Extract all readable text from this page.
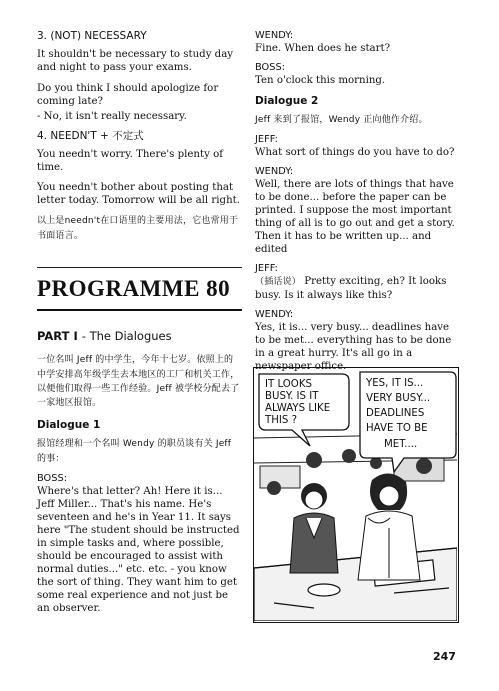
3. (NOT) NECESSARY

It shouldn't be necessary to study day and night to pass your exams.

Do you think I should apologize for coming late?

- No, it isn't really necessary.

4. NEEDN'T + 不定式

You needn't worry. There's plenty of time.

You needn't bother about posting that letter today. Tomorrow will be all right.

以上是needn't在口语里的主要用法，它也常用于书面语言。

PROGRAMME 80
PART I - The Dialogues

一位名叫 Jeff 的中学生，今年十七岁。依照上的中学安排高年级学生去本地区的工厂和机关工作，以便他们取得一些工作经验。Jeff 被学校分配去了一家地区报馆。

Dialogue 1

报馆经理和一个名叫 Wendy 的职员谈有关 Jeff 的事：

BOSS:

Where's that letter? Ah! Here it is... Jeff Miller... That's his name. He's seventeen and he's in Year 11. It says here "The student should be instructed in simple tasks and, where possible, should be encouraged to assist with normal duties..." etc. etc. - you know the sort of thing. They want him to get some real experience and not just be an observer.

WENDY:
Fine. When does he start?
BOSS:
Ten o'clock this morning.
Dialogue 2

Jeff 来到了报馆，Wendy 正向他作介绍。

JEFF:
What sort of things do you have to do?
WENDY:
Well, there are lots of things that have to be done... before the paper can be printed. I suppose the most important thing of all is to go out and get a story. Then it has to be written up... and edited
JEFF:
（插话说） Pretty exciting, eh? It looks busy. Is it always like this?
WENDY:
Yes, it is... very busy... deadlines have to be met... everything has to be done in a great hurry. It's all go in a newspaper office.
IT LOOKS
BUSY. IS IT
ALWAYS LIKE
THIS ?
YES, IT IS...
VERY BUSY...
DEADLINES
HAVE TO BE
MET....
247
